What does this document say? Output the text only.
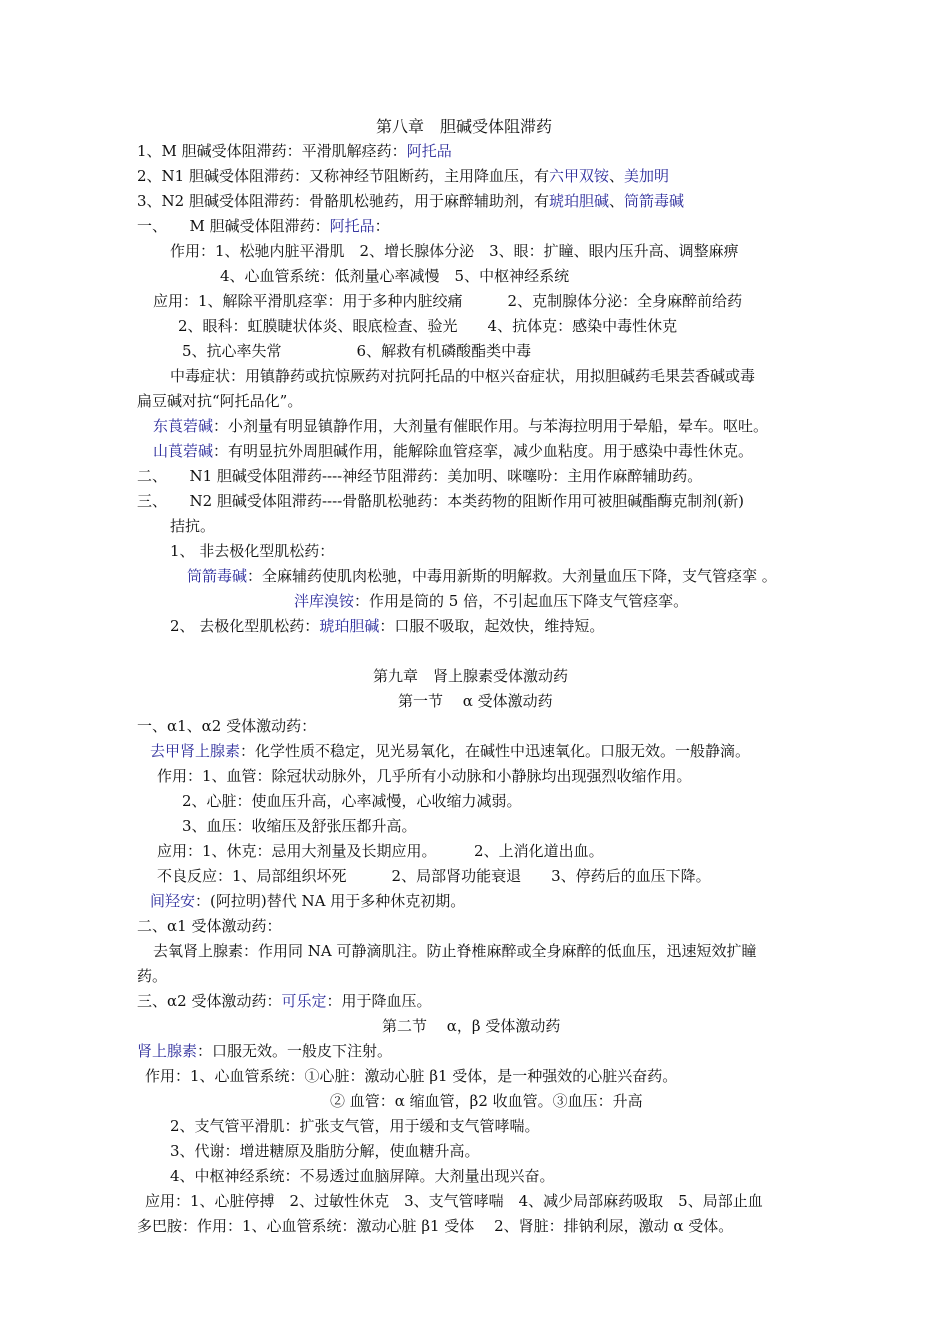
第八章　胆碱受体阻滞药
1、M 胆碱受体阻滞药：平滑肌解痉药：阿托品
2、N1 胆碱受体阻滞药：又称神经节阻断药，主用降血压，有六甲双铵、美加明
3、N2 胆碱受体阻滞药：骨骼肌松驰药，用于麻醉辅助剂，有琥珀胆碱、筒箭毒碱
一、　　M 胆碱受体阻滞药：阿托品：
作用：1、松驰内脏平滑肌　2、增长腺体分泌　3、眼：扩瞳、眼内压升高、调整麻痹
4、心血管系统：低剂量心率减慢　5、中枢神经系统
应用：1、解除平滑肌痉挛：用于多种内脏绞痛　　　2、克制腺体分泌：全身麻醉前给药
2、眼科：虹膜睫状体炎、眼底检查、验光　　4、抗体克：感染中毒性休克
5、抗心率失常　　　　　6、解救有机磷酸酯类中毒
中毒症状：用镇静药或抗惊厥药对抗阿托品的中枢兴奋症状，用拟胆碱药毛果芸香碱或毒
扁豆碱对抗“阿托品化”。
东莨菪碱：小剂量有明显镇静作用，大剂量有催眠作用。与苯海拉明用于晕船，晕车。呕吐。
山莨菪碱：有明显抗外周胆碱作用，能解除血管痉挛，减少血粘度。用于感染中毒性休克。
二、　　N1 胆碱受体阻滞药----神经节阻滞药：美加明、咪噻吩：主用作麻醉辅助药。
三、　　N2 胆碱受体阻滞药----骨骼肌松驰药：本类药物的阻断作用可被胆碱酯酶克制剂(新)
拮抗。
1、 非去极化型肌松药：
筒箭毒碱：全麻辅药使肌肉松驰，中毒用新斯的明解救。大剂量血压下降，支气管痉挛 。
泮库溴铵：作用是筒的 5 倍，不引起血压下降支气管痉挛。
2、 去极化型肌松药：琥珀胆碱：口服不吸取，起效快，维持短。
第九章　肾上腺素受体激动药
第一节　 α 受体激动药
一、α1、α2 受体激动药：
去甲肾上腺素：化学性质不稳定，见光易氧化，在碱性中迅速氧化。口服无效。一般静滴。
作用：1、血管：除冠状动脉外，几乎所有小动脉和小静脉均出现强烈收缩作用。
2、心脏：使血压升高，心率减慢，心收缩力减弱。
3、血压：收缩压及舒张压都升高。
应用：1、休克：忌用大剂量及长期应用。　　　2、上消化道出血。
不良反应：1、局部组织坏死　　　2、局部肾功能衰退　　3、停药后的血压下降。
间羟安：(阿拉明)替代 NA 用于多种休克初期。
二、α1 受体激动药：
去氧肾上腺素：作用同 NA 可静滴肌注。防止脊椎麻醉或全身麻醉的低血压，迅速短效扩瞳
药。
三、α2 受体激动药：可乐定：用于降血压。
第二节　 α，β 受体激动药
肾上腺素：口服无效。一般皮下注射。
作用：1、心血管系统：①心脏：激动心脏 β1 受体，是一种强效的心脏兴奋药。
② 血管：α 缩血管，β2 收血管。③血压：升高
2、支气管平滑肌：扩张支气管，用于缓和支气管哮喘。
3、代谢：增进糖原及脂肪分解，使血糖升高。
4、中枢神经系统：不易透过血脑屏障。大剂量出现兴奋。
应用：1、心脏停搏　2、过敏性休克　3、支气管哮喘　4、减少局部麻药吸取　5、局部止血
多巴胺：作用：1、心血管系统：激动心脏 β1 受体　 2、肾脏：排钠利尿，激动 α 受体。
